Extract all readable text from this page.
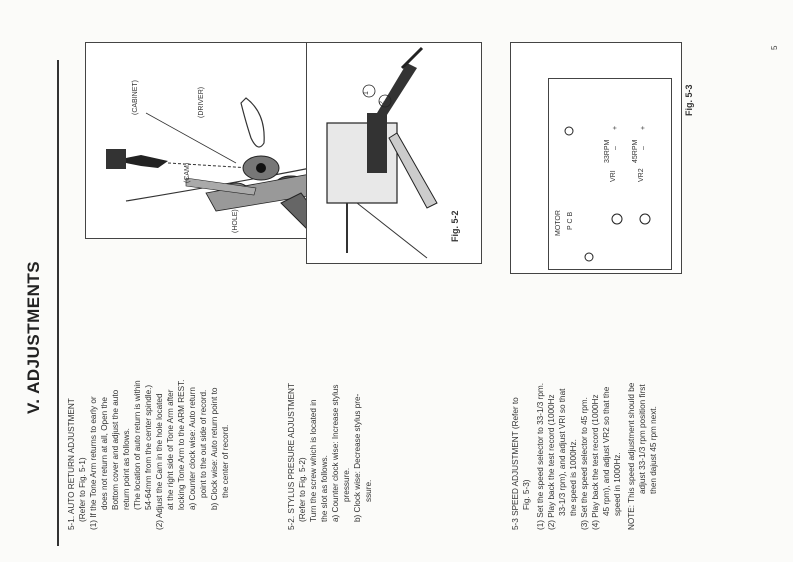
V. ADJUSTMENTS
5
5-1. AUTO RETURN ADJUSTMENT (Refer to Fig. 5-1) (1) If the Tone Arm returns to early or does not return at all, Open the Bottom cover and adjust the auto return point as follows. (The location of auto return is within 54-64mm from the center spindle.) (2) Adjust the Cam in the hole located at the right side of Tone Arm after locking Tone Arm to the ARM REST. a) Counter clock wise: Auto return point to the out side of record. b) Clock wise: Auto return point to the center of record.	5-2. STYLUS PRESURE ADJUSTMENT (Refer to Fig. 5-2) Turn the screw which is located in the slot as follows. a) Counter clock wise: Increase stylus pressure. b) Clock wise: Decrease stylus pre- ssure.	5-3 SPEED ADJUSTMENT (Refer to Fig. 5-3) (1) Set the speed selector to 33-1/3 rpm. (2) Play back the test record (1000Hz 33-1/3 rpm), and adjust VRI so that the speed is 1000Hz. (3) Set the speed selector to 45 rpm. (4) Play back the test record (1000Hz 45 rpm), and adjust VR2 so that the speed in 1000Hz. NOTE: This speed adjustment should be adjust 33-1/3 rpm position first then dajust 45 rpm next.
(DRIVER)
(CABINET)
(CAM)
(HOLE)
1
2
Fig. 5-2	MOTOR P C B
VRI	VR2
33RPM	45RPM
–
+
–
+
Fig. 5-3
